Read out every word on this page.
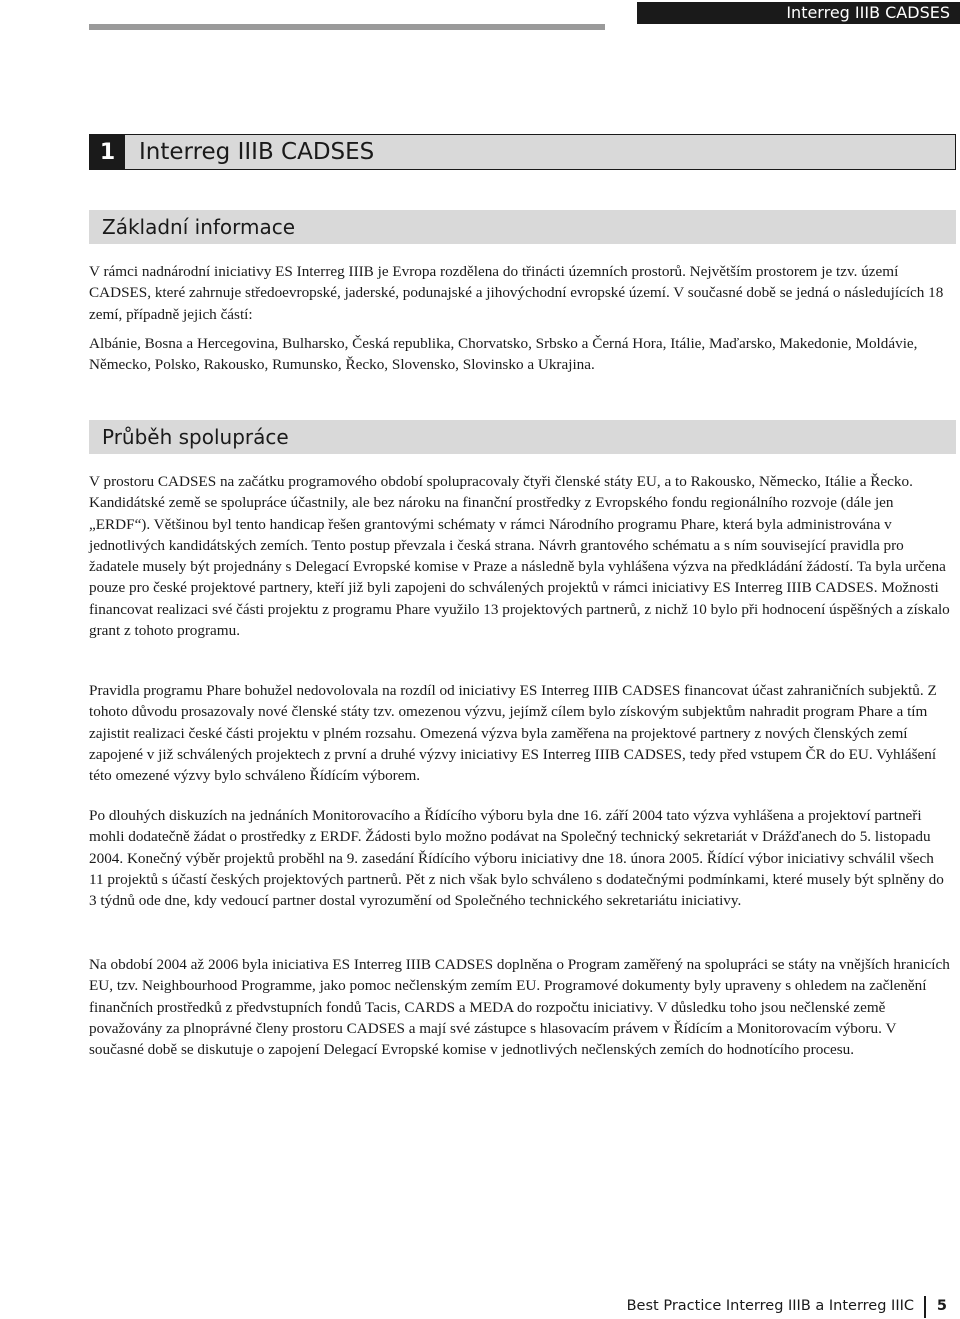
Interreg IIIB CADSES
1	Interreg IIIB CADSES
Základní informace

V rámci nadnárodní iniciativy ES Interreg IIIB je Evropa rozdělena do třinácti územních prostorů. Největším prostorem je tzv. území CADSES, které zahrnuje středoevropské, jaderské, podunajské a jihovýchodní evropské území. V současné době se jedná o následujících 18 zemí, případně jejich částí:

Albánie, Bosna a Hercegovina, Bulharsko, Česká republika, Chorvatsko, Srbsko a Černá Hora, Itálie, Maďarsko, Makedonie, Moldávie, Německo, Polsko, Rakousko, Rumunsko, Řecko, Slovensko, Slovinsko a Ukrajina.

Průběh spolupráce

V prostoru CADSES na začátku programového období spolupracovaly čtyři členské státy EU, a to Rakousko, Německo, Itálie a Řecko. Kandidátské země se spolupráce účastnily, ale bez nároku na finanční prostředky z Evropského fondu regionálního rozvoje (dále jen „ERDF“). Většinou byl tento handicap řešen grantovými schématy v rámci Národního programu Phare, která byla administrována v jednotlivých kandidátských zemích. Tento postup převzala i česká strana. Návrh grantového schématu a s ním související pravidla pro žadatele musely být projednány s Delegací Evropské komise v Praze a následně byla vyhlášena výzva na předkládání žádostí. Ta byla určena pouze pro české projektové partnery, kteří již byli zapojeni do schválených projektů v rámci iniciativy ES Interreg IIIB CADSES. Možnosti financovat realizaci své části projektu z programu Phare využilo 13 projektových partnerů, z nichž 10 bylo při hodnocení úspěšných a získalo grant z tohoto programu.

Pravidla programu Phare bohužel nedovolovala na rozdíl od iniciativy ES Interreg IIIB CADSES financovat účast zahraničních subjektů. Z tohoto důvodu prosazovaly nové členské státy tzv. omezenou výzvu, jejímž cílem bylo získovým subjektům nahradit program Phare a tím zajistit realizaci české části projektu v plném rozsahu. Omezená výzva byla zaměřena na projektové partnery z nových členských zemí zapojené v již schválených projektech z první a druhé výzvy iniciativy ES Interreg IIIB CADSES, tedy před vstupem ČR do EU. Vyhlášení této omezené výzvy bylo schváleno Řídícím výborem.

Po dlouhých diskuzích na jednáních Monitorovacího a Řídícího výboru byla dne 16. září 2004 tato výzva vyhlášena a projektoví partneři mohli dodatečně žádat o prostředky z ERDF. Žádosti bylo možno podávat na Společný technický sekretariát v Drážďanech do 5. listopadu 2004. Konečný výběr projektů proběhl na 9. zasedání Řídícího výboru iniciativy dne 18. února 2005. Řídící výbor iniciativy schválil všech 11 projektů s účastí českých projektových partnerů. Pět z nich však bylo schváleno s dodatečnými podmínkami, které musely být splněny do 3 týdnů ode dne, kdy vedoucí partner dostal vyrozumění od Společného technického sekretariátu iniciativy.

Na období 2004 až 2006 byla iniciativa ES Interreg IIIB CADSES doplněna o Program zaměřený na spolupráci se státy na vnějších hranicích EU, tzv. Neighbourhood Programme, jako pomoc nečlenským zemím EU. Programové dokumenty byly upraveny s ohledem na začlenění finančních prostředků z předvstupních fondů Tacis, CARDS a MEDA do rozpočtu iniciativy. V důsledku toho jsou nečlenské země považovány za plnoprávné členy prostoru CADSES a mají své zástupce s hlasovacím právem v Řídícím a Monitorovacím výboru. V současné době se diskutuje o zapojení Delegací Evropské komise v jednotlivých nečlenských zemích do hodnotícího procesu.

Best Practice Interreg IIIB a Interreg IIIC 5
